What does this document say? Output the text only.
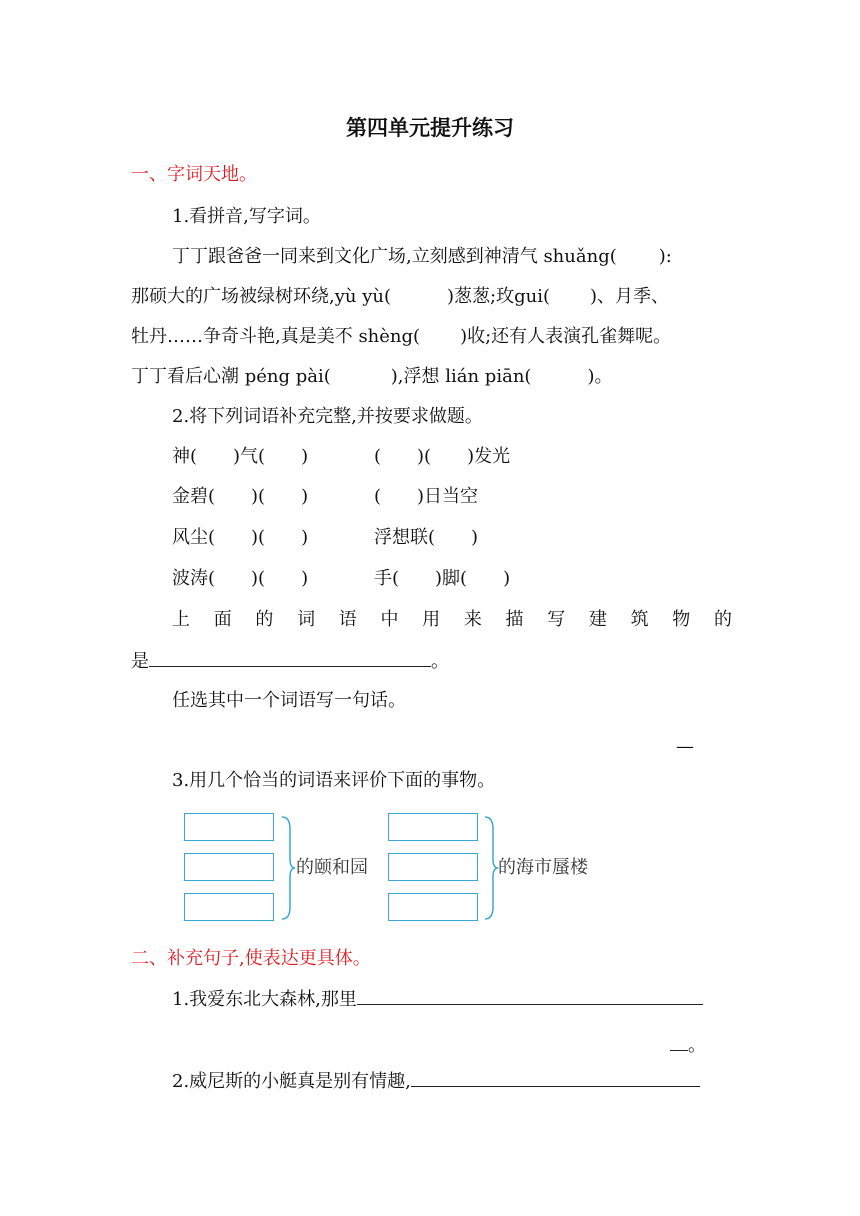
第四单元提升练习
一、字词天地。
1.看拼音,写字词。
丁丁跟爸爸一同来到文化广场,立刻感到神清气 shuǎng( ):
那硕大的广场被绿树环绕,yù yù(	)葱葱;玫gui( )、月季、
牡丹……争奇斗艳,真是美不 shèng( )收;还有人表演孔雀舞呢。
丁丁看后心潮 péng pài(	),浮想 lián piān(	)。
2.将下列词语补充完整,并按要求做题。
神(　　)气(　　)	(　　)(　　)发光
金碧(　　)(　　)	(　　)日当空
风尘(　　)(　　)	浮想联(　　)
波涛(　　)(　　)	手(　　)脚(　　)
上 面 的 词 语 中 用 来 描 写 建 筑 物 的
是	。
任选其中一个词语写一句话。
—
3.用几个恰当的词语来评价下面的事物。
的颐和园	的海市蜃楼
二、补充句子,使表达更具体。
1.我爱东北大森林,那里
。
2.威尼斯的小艇真是别有情趣,
